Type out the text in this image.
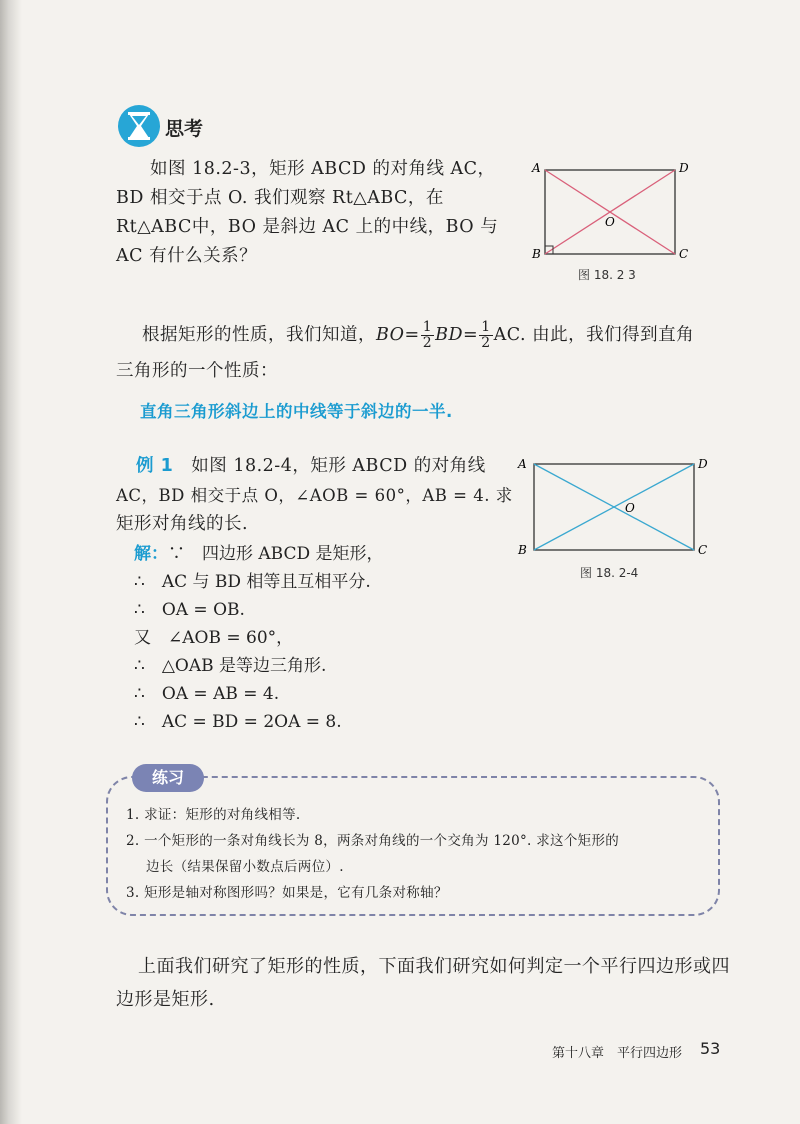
思考
如图 18.2-3，矩形 ABCD 的对角线 AC，
BD 相交于点 O. 我们观察 Rt△ABC，在
Rt△ABC中，BO 是斜边 AC 上的中线，BO 与
AC 有什么关系？
A	D
B	C
O
图 18. 2 3
根据矩形的性质，我们知道，$BO= \frac{1}{2} BD= \frac{1}{2}$ AC. 由此，我们得到直角
三角形的一个性质：
直角三角形斜边上的中线等于斜边的一半.
例 1　 如图 18.2-4，矩形 ABCD 的对角线
AC，BD 相交于点 O，∠AOB = 60°，AB = 4. 求
矩形对角线的长.
解：∵　四边形 ABCD 是矩形，
∴　AC 与 BD 相等且互相平分.
∴　OA = OB.
又　∠AOB = 60°，
∴　△OAB 是等边三角形.
∴　OA = AB = 4.
∴　AC = BD = 2OA = 8.
A	D
B	C
O
图 18. 2-4
练习
1. 求证：矩形的对角线相等.
2. 一个矩形的一条对角线长为 8，两条对角线的一个交角为 120°. 求这个矩形的
边长（结果保留小数点后两位）.
3. 矩形是轴对称图形吗？如果是，它有几条对称轴？
上面我们研究了矩形的性质，下面我们研究如何判定一个平行四边形或四
边形是矩形.
第十八章　平行四边形 53
